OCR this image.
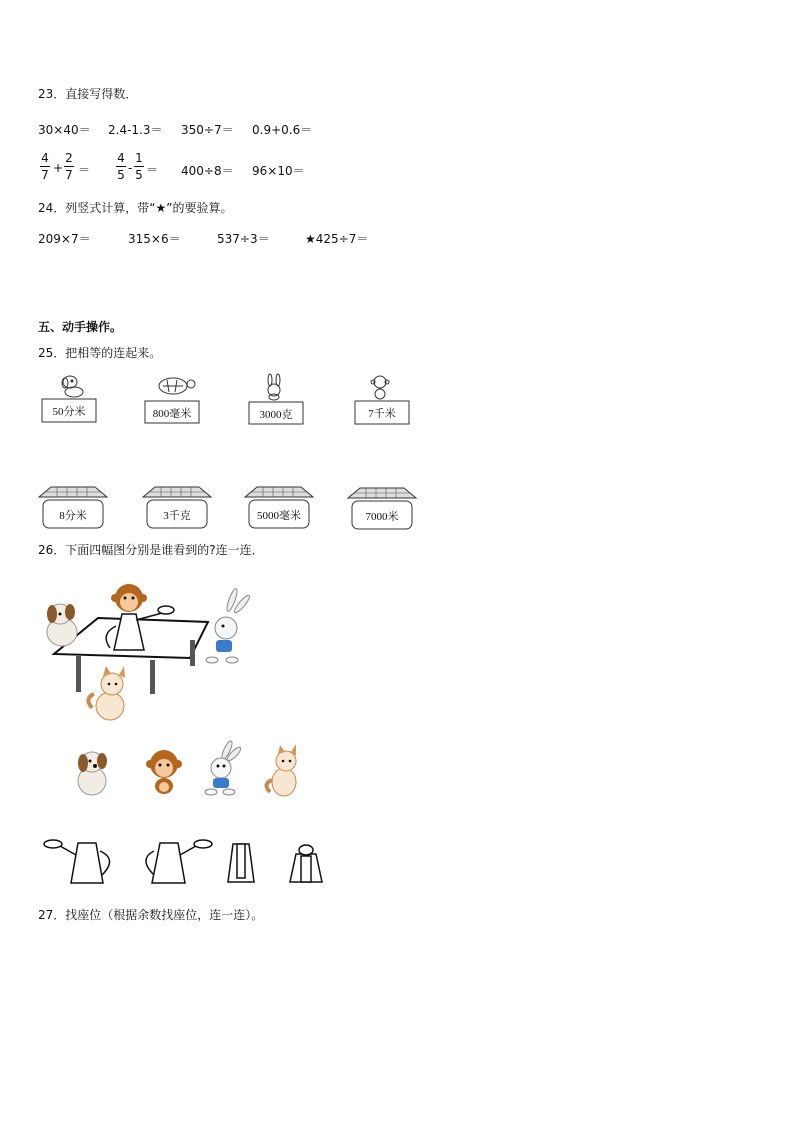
23．直接写得数．
30×40＝ 2.4-1.3＝ 350÷7＝ 0.9+0.6＝
4
7 +
2
7 ＝
4
5 -
1
5 ＝ 400÷8＝ 96×10＝
24．列竖式计算，带“★”的要验算。
209×7＝	315×6＝	537÷3＝	★425÷7＝
五、动手操作。
25．把相等的连起来。
50分米	800毫米	3000克	7千米
8分米	3千克	5000毫米	7000米
26．下面四幅图分别是谁看到的?连一连．
27．找座位（根据余数找座位，连一连）。
